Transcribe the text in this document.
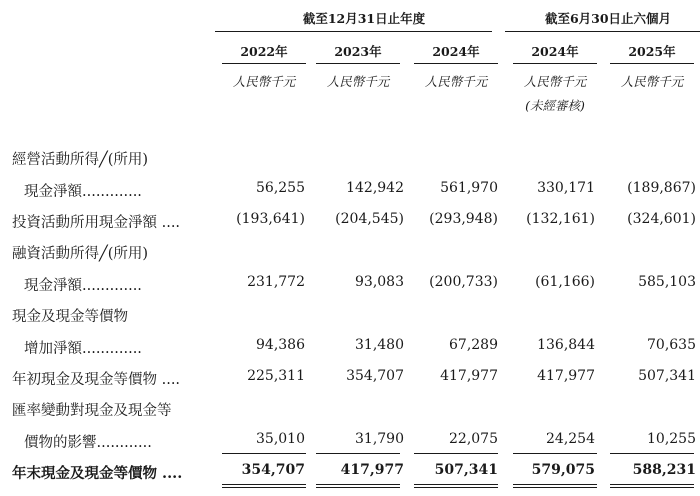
截至12月31日止年度	截至6月30日止六個月
2022年	2023年	2024年	2024年	2025年
人民幣千元	人民幣千元	人民幣千元	人民幣千元	人民幣千元
(未經審核)
經營活動所得╱(所用)
現金淨額.............	56,255	142,942	561,970	330,171	(189,867)
投資活動所用現金淨額 ....	(193,641)	(204,545)	(293,948)	(132,161)	(324,601)
融資活動所得╱(所用)
現金淨額.............	231,772	93,083	(200,733)	(61,166)	585,103
現金及現金等價物
增加淨額.............	94,386	31,480	67,289	136,844	70,635
年初現金及現金等價物 ....	225,311	354,707	417,977	417,977	507,341
匯率變動對現金及現金等
價物的影響............	35,010	31,790	22,075	24,254	10,255
年末現金及現金等價物 ....	354,707	417,977	507,341	579,075	588,231
